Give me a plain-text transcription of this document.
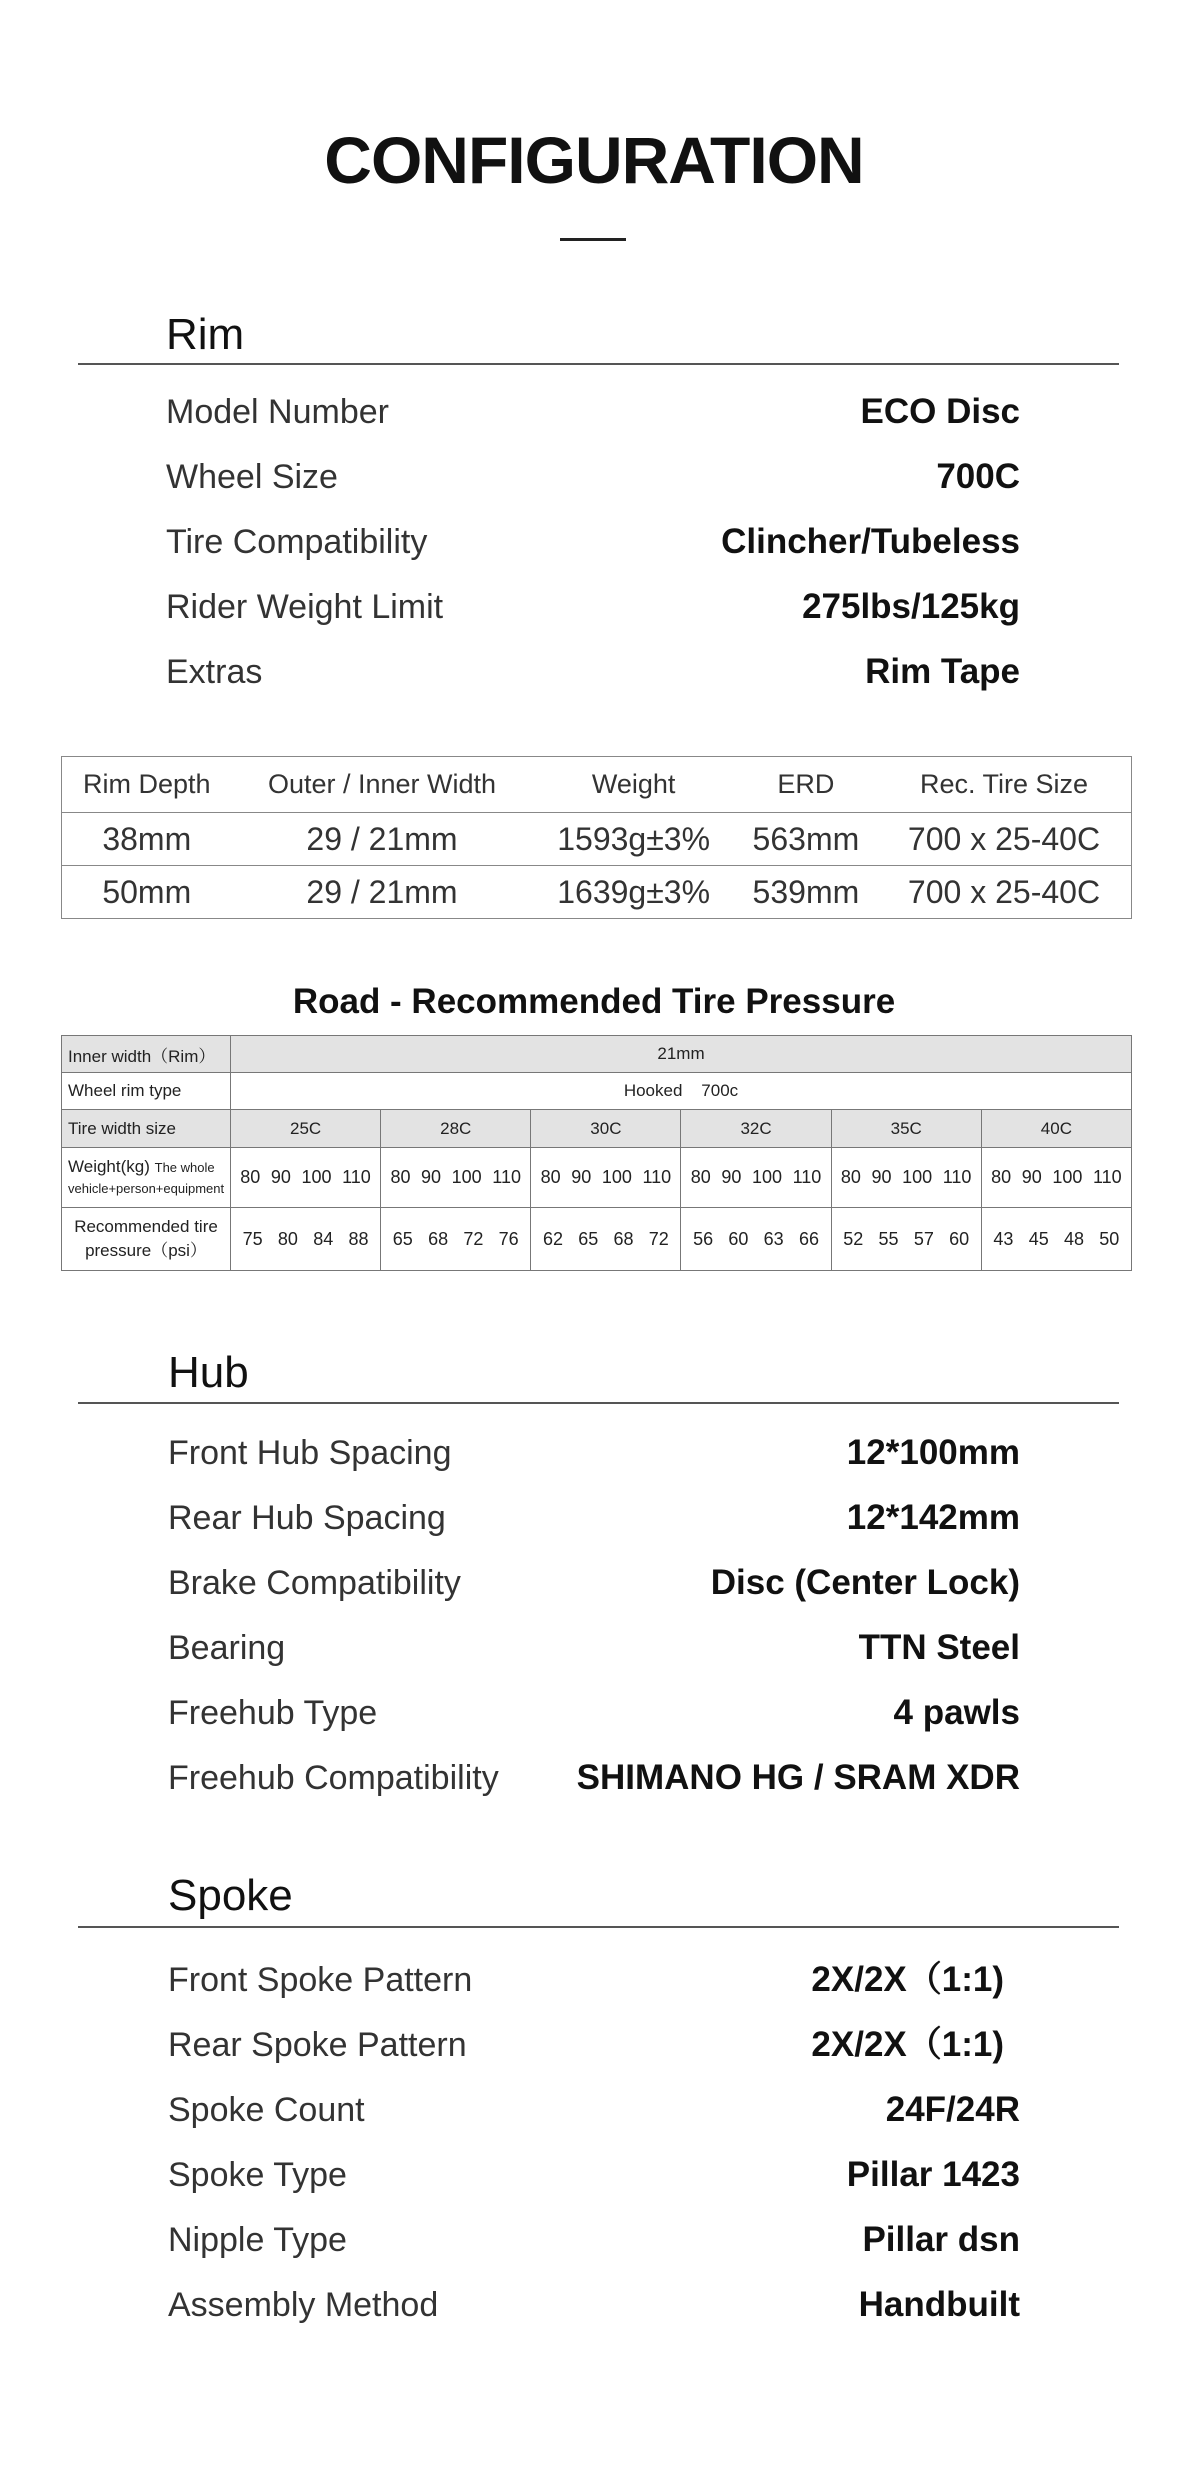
CONFIGURATION
Rim
Model Number	ECO Disc
Wheel Size	700C
Tire Compatibility	Clincher/Tubeless
Rider Weight Limit	275lbs/125kg
Extras	Rim Tape
Rim Depth	Outer / Inner Width	Weight	ERD	Rec. Tire Size
38mm	29 / 21mm	1593g±3%	563mm	700 x 25-40C
50mm	29 / 21mm	1639g±3%	539mm	700 x 25-40C
Road - Recommended Tire Pressure
Inner width（Rim）	21mm					
Wheel rim type	Hooked    700c					
Tire width size	25C	28C	30C	32C	35C	40C
Weight(kg) The whole
vehicle+person+equipment	80 90 100 110	80 90 100 110	80 90 100 110	80 90 100 110	80 90 100 110	80 90 100 110

Recommended tire
pressure（psi）	75 80 84 88	65 68 72 76	62 65 68 72	56 60 63 66	52 55 57 60	43 45 48 50
Hub
Front Hub Spacing	12*100mm
Rear Hub Spacing	12*142mm
Brake Compatibility	Disc (Center Lock)
Bearing	TTN Steel
Freehub Type	4 pawls
Freehub Compatibility SHIMANO HG / SRAM XDR
Spoke
Front Spoke Pattern	2X/2X（1:1)
Rear Spoke Pattern	2X/2X（1:1)
Spoke Count	24F/24R
Spoke Type	Pillar 1423
Nipple Type	Pillar dsn
Assembly Method	Handbuilt
